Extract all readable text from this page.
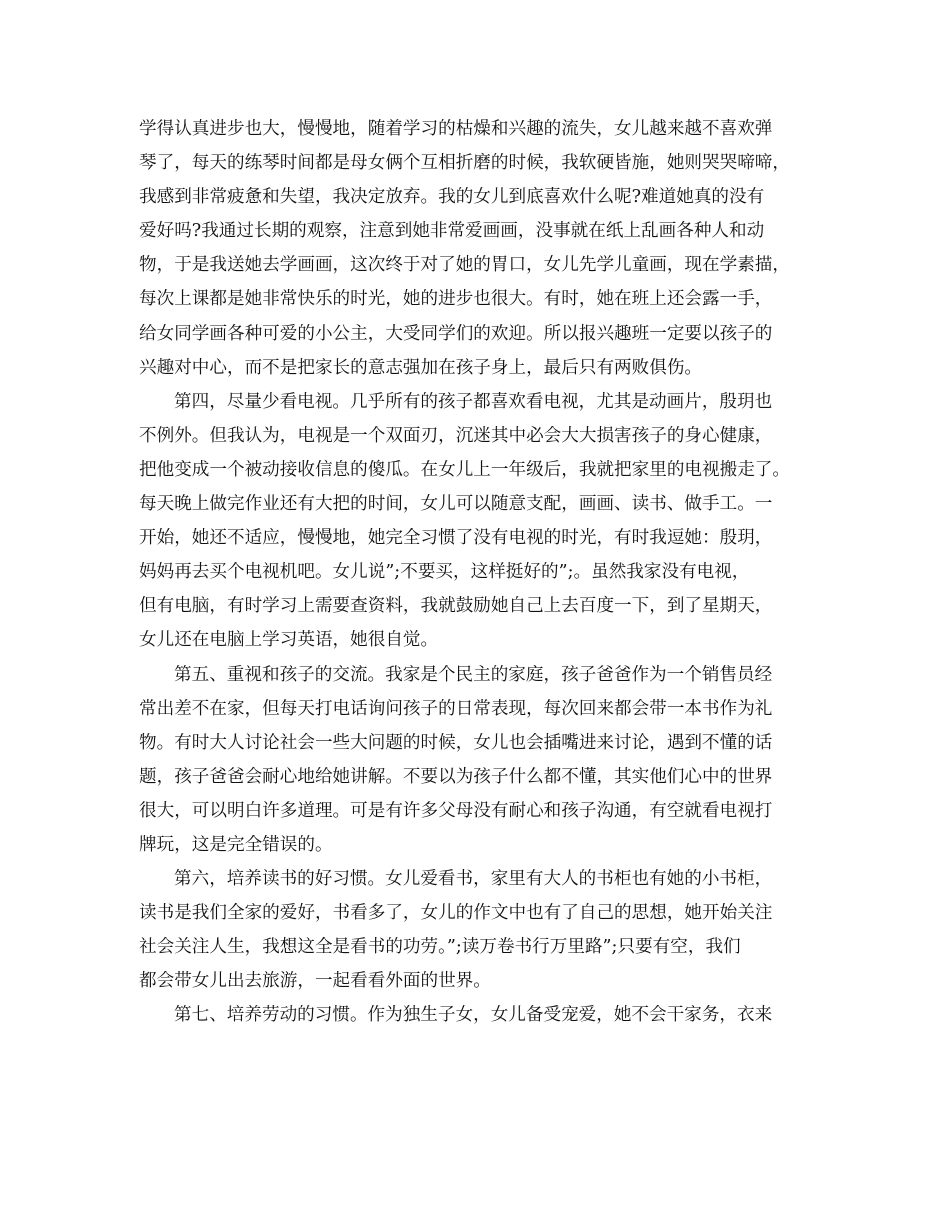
学得认真进步也大，慢慢地，随着学习的枯燥和兴趣的流失，女儿越来越不喜欢弹
琴了，每天的练琴时间都是母女俩个互相折磨的时候，我软硬皆施，她则哭哭啼啼，
我感到非常疲惫和失望，我决定放弃。我的女儿到底喜欢什么呢?难道她真的没有
爱好吗?我通过长期的观察，注意到她非常爱画画，没事就在纸上乱画各种人和动
物，于是我送她去学画画，这次终于对了她的胃口，女儿先学儿童画，现在学素描，
每次上课都是她非常快乐的时光，她的进步也很大。有时，她在班上还会露一手，
给女同学画各种可爱的小公主，大受同学们的欢迎。所以报兴趣班一定要以孩子的
兴趣对中心，而不是把家长的意志强加在孩子身上，最后只有两败俱伤。
第四，尽量少看电视。几乎所有的孩子都喜欢看电视，尤其是动画片，殷玥也
不例外。但我认为，电视是一个双面刃，沉迷其中必会大大损害孩子的身心健康，
把他变成一个被动接收信息的傻瓜。在女儿上一年级后，我就把家里的电视搬走了。
每天晚上做完作业还有大把的时间，女儿可以随意支配，画画、读书、做手工。一
开始，她还不适应，慢慢地，她完全习惯了没有电视的时光，有时我逗她：殷玥，
妈妈再去买个电视机吧。女儿说”;不要买，这样挺好的”;。虽然我家没有电视，
但有电脑，有时学习上需要查资料，我就鼓励她自己上去百度一下，到了星期天，
女儿还在电脑上学习英语，她很自觉。
第五、重视和孩子的交流。我家是个民主的家庭，孩子爸爸作为一个销售员经
常出差不在家，但每天打电话询问孩子的日常表现，每次回来都会带一本书作为礼
物。有时大人讨论社会一些大问题的时候，女儿也会插嘴进来讨论，遇到不懂的话
题，孩子爸爸会耐心地给她讲解。不要以为孩子什么都不懂，其实他们心中的世界
很大，可以明白许多道理。可是有许多父母没有耐心和孩子沟通，有空就看电视打
牌玩，这是完全错误的。
第六，培养读书的好习惯。女儿爱看书，家里有大人的书柜也有她的小书柜，
读书是我们全家的爱好，书看多了，女儿的作文中也有了自己的思想，她开始关注
社会关注人生，我想这全是看书的功劳。”;读万卷书行万里路”;只要有空，我们
都会带女儿出去旅游，一起看看外面的世界。
第七、培养劳动的习惯。作为独生子女，女儿备受宠爱，她不会干家务，衣来
